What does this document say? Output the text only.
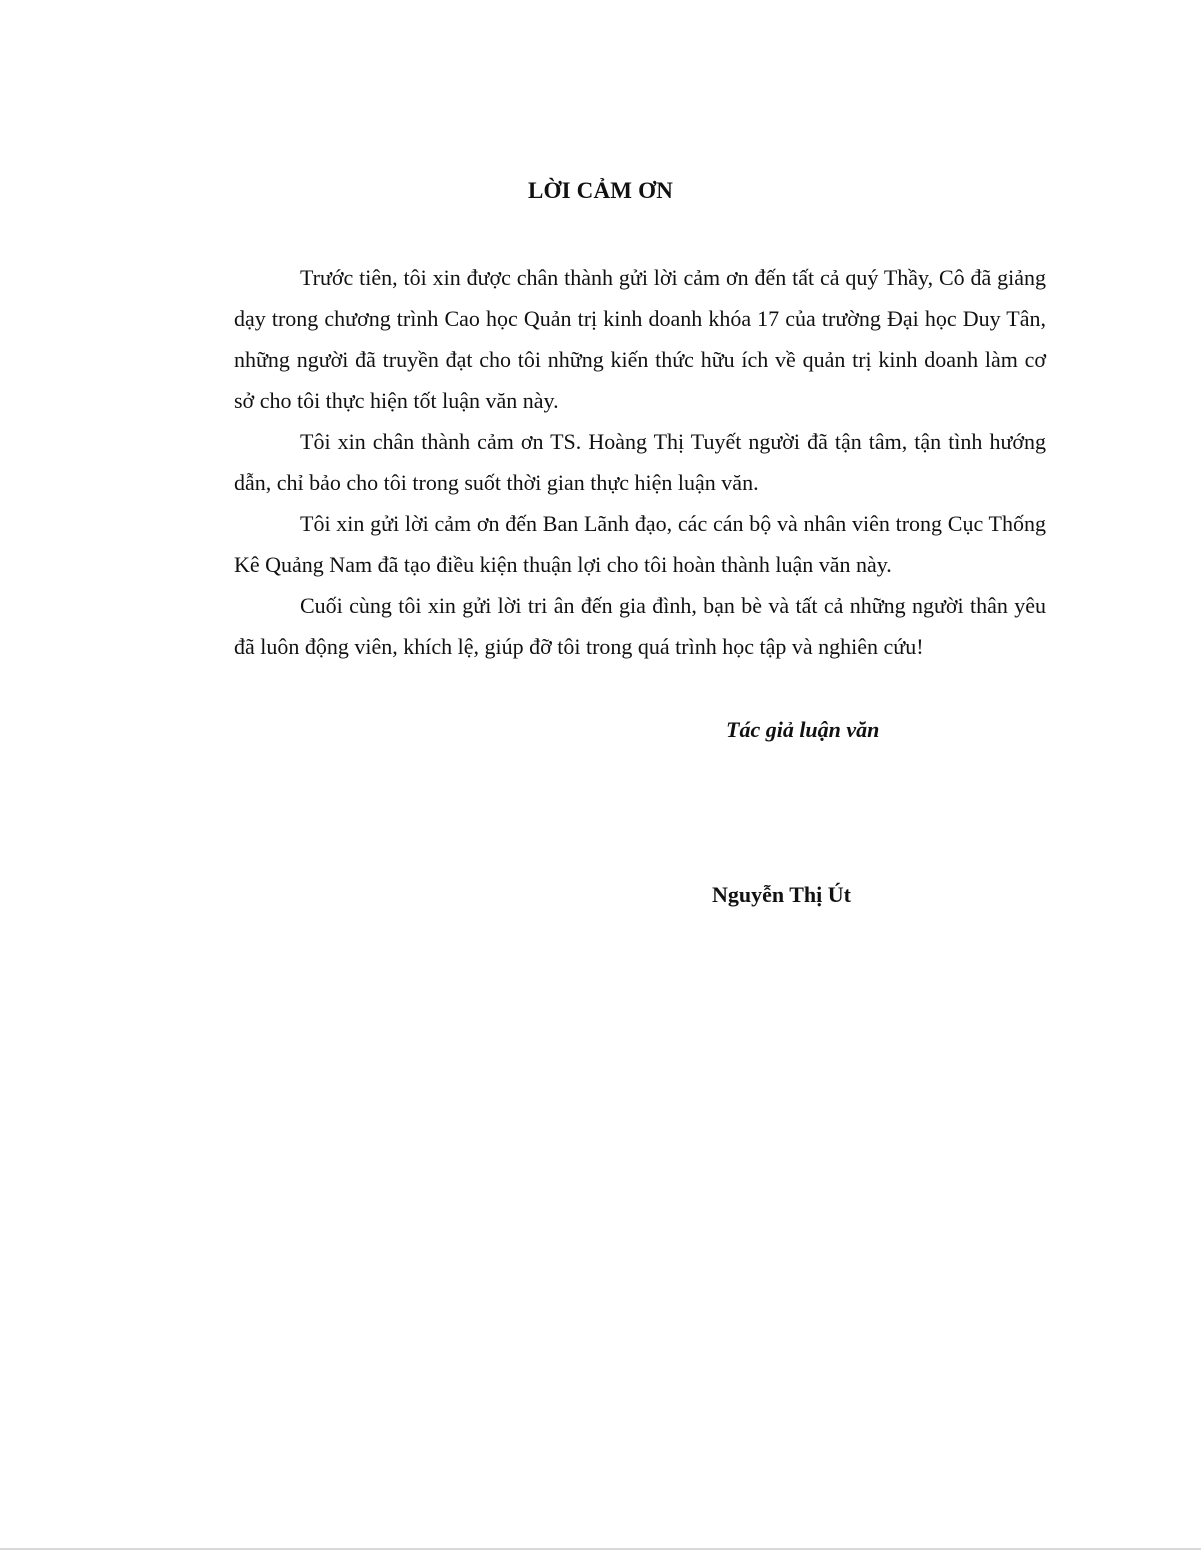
LỜI CẢM ƠN

Trước tiên, tôi xin được chân thành gửi lời cảm ơn đến tất cả quý Thầy, Cô đã giảng dạy trong chương trình Cao học Quản trị kinh doanh khóa 17 của trường Đại học Duy Tân, những người đã truyền đạt cho tôi những kiến thức hữu ích về quản trị kinh doanh làm cơ sở cho tôi thực hiện tốt luận văn này.

Tôi xin chân thành cảm ơn TS. Hoàng Thị Tuyết người đã tận tâm, tận tình hướng dẫn, chỉ bảo cho tôi trong suốt thời gian thực hiện luận văn.

Tôi xin gửi lời cảm ơn đến Ban Lãnh đạo, các cán bộ và nhân viên trong Cục Thống Kê Quảng Nam đã tạo điều kiện thuận lợi cho tôi hoàn thành luận văn này.

Cuối cùng tôi xin gửi lời tri ân đến gia đình, bạn bè và tất cả những người thân yêu đã luôn động viên, khích lệ, giúp đỡ tôi trong quá trình học tập và nghiên cứu!

Tác giả luận văn

Nguyễn Thị Út
